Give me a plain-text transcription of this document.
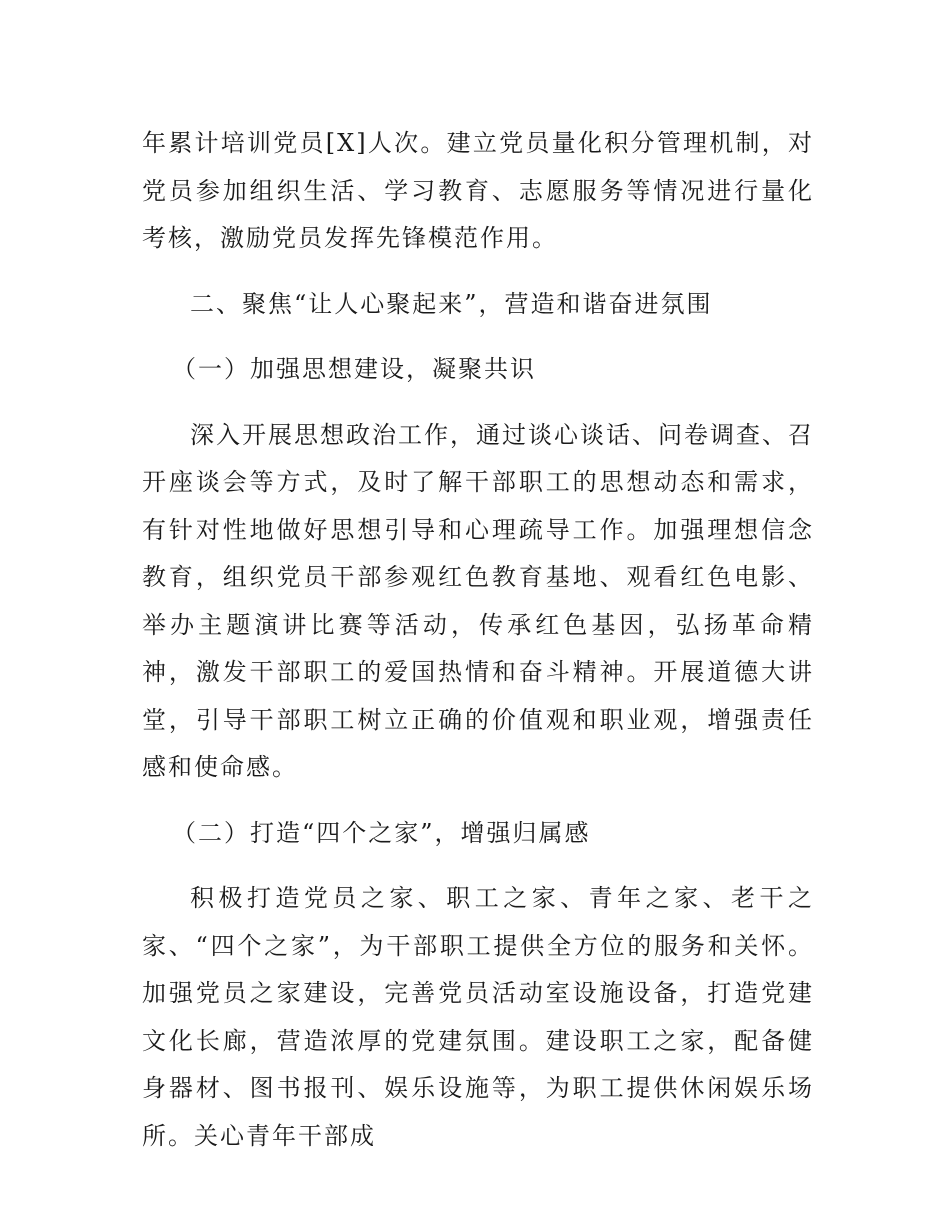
年累计培训党员[X]人次。建立党员量化积分管理机制，对党员参加组织生活、学习教育、志愿服务等情况进行量化考核，激励党员发挥先锋模范作用。

二、聚焦“让人心聚起来”，营造和谐奋进氛围

（一）加强思想建设，凝聚共识

深入开展思想政治工作，通过谈心谈话、问卷调查、召开座谈会等方式，及时了解干部职工的思想动态和需求，有针对性地做好思想引导和心理疏导工作。加强理想信念教育，组织党员干部参观红色教育基地、观看红色电影、举办主题演讲比赛等活动，传承红色基因，弘扬革命精神，激发干部职工的爱国热情和奋斗精神。开展道德大讲堂，引导干部职工树立正确的价值观和职业观，增强责任感和使命感。

（二）打造“四个之家”，增强归属感

积极打造党员之家、职工之家、青年之家、老干之家、“四个之家”，为干部职工提供全方位的服务和关怀。加强党员之家建设，完善党员活动室设施设备，打造党建文化长廊，营造浓厚的党建氛围。建设职工之家，配备健身器材、图书报刊、娱乐设施等，为职工提供休闲娱乐场所。关心青年干部成
